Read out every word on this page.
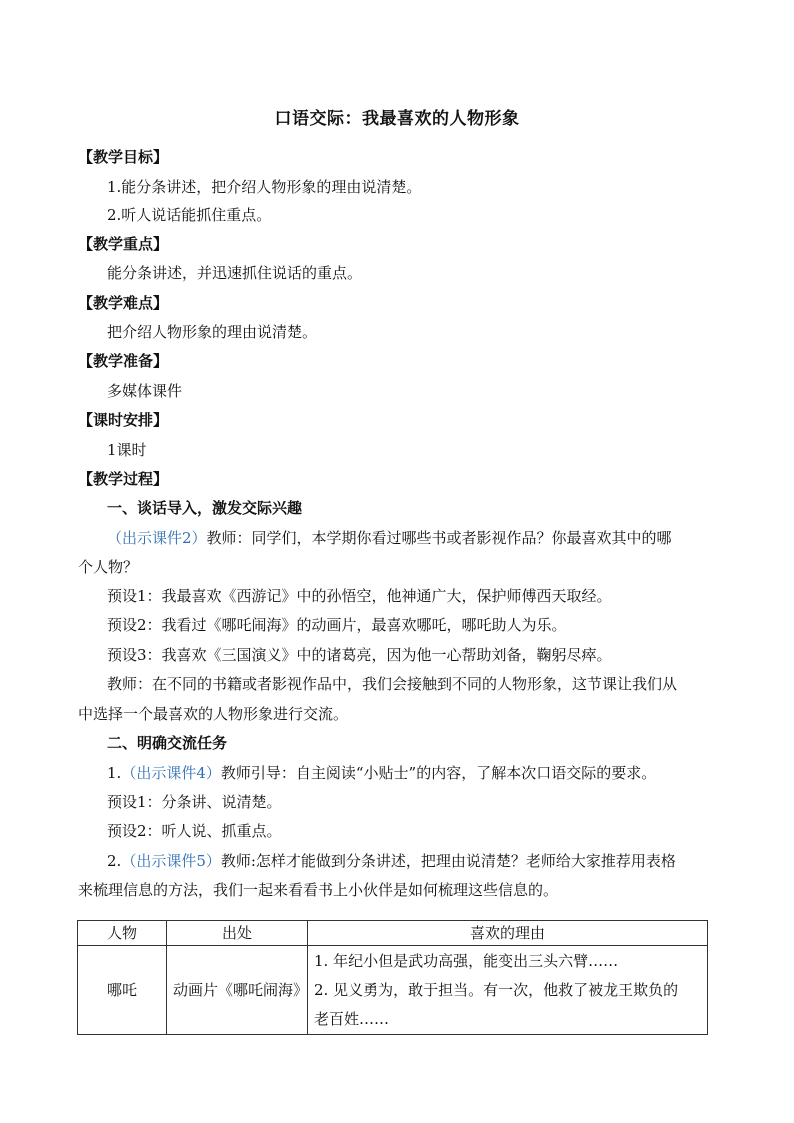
口语交际：我最喜欢的人物形象
【教学目标】
1.能分条讲述，把介绍人物形象的理由说清楚。
2.听人说话能抓住重点。
【教学重点】
能分条讲述，并迅速抓住说话的重点。
【教学难点】
把介绍人物形象的理由说清楚。
【教学准备】
多媒体课件
【课时安排】
1课时
【教学过程】
一、谈话导入，激发交际兴趣
（出示课件2）教师：同学们，本学期你看过哪些书或者影视作品？你最喜欢其中的哪
个人物？
预设1：我最喜欢《西游记》中的孙悟空，他神通广大，保护师傅西天取经。
预设2：我看过《哪吒闹海》的动画片，最喜欢哪吒，哪吒助人为乐。
预设3：我喜欢《三国演义》中的诸葛亮，因为他一心帮助刘备，鞠躬尽瘁。
教师：在不同的书籍或者影视作品中，我们会接触到不同的人物形象，这节课让我们从
中选择一个最喜欢的人物形象进行交流。
二、明确交流任务
1.（出示课件4）教师引导：自主阅读“小贴士”的内容，了解本次口语交际的要求。
预设1：分条讲、说清楚。
预设2：听人说、抓重点。
2.（出示课件5）教师:怎样才能做到分条讲述，把理由说清楚？老师给大家推荐用表格
来梳理信息的方法，我们一起来看看书上小伙伴是如何梳理这些信息的。
人物	出处	喜欢的理由
哪吒	动画片《哪吒闹海》	1. 年纪小但是武功高强，能变出三头六臂……
2. 见义勇为，敢于担当。有一次，他救了被龙王欺负的
老百姓……
